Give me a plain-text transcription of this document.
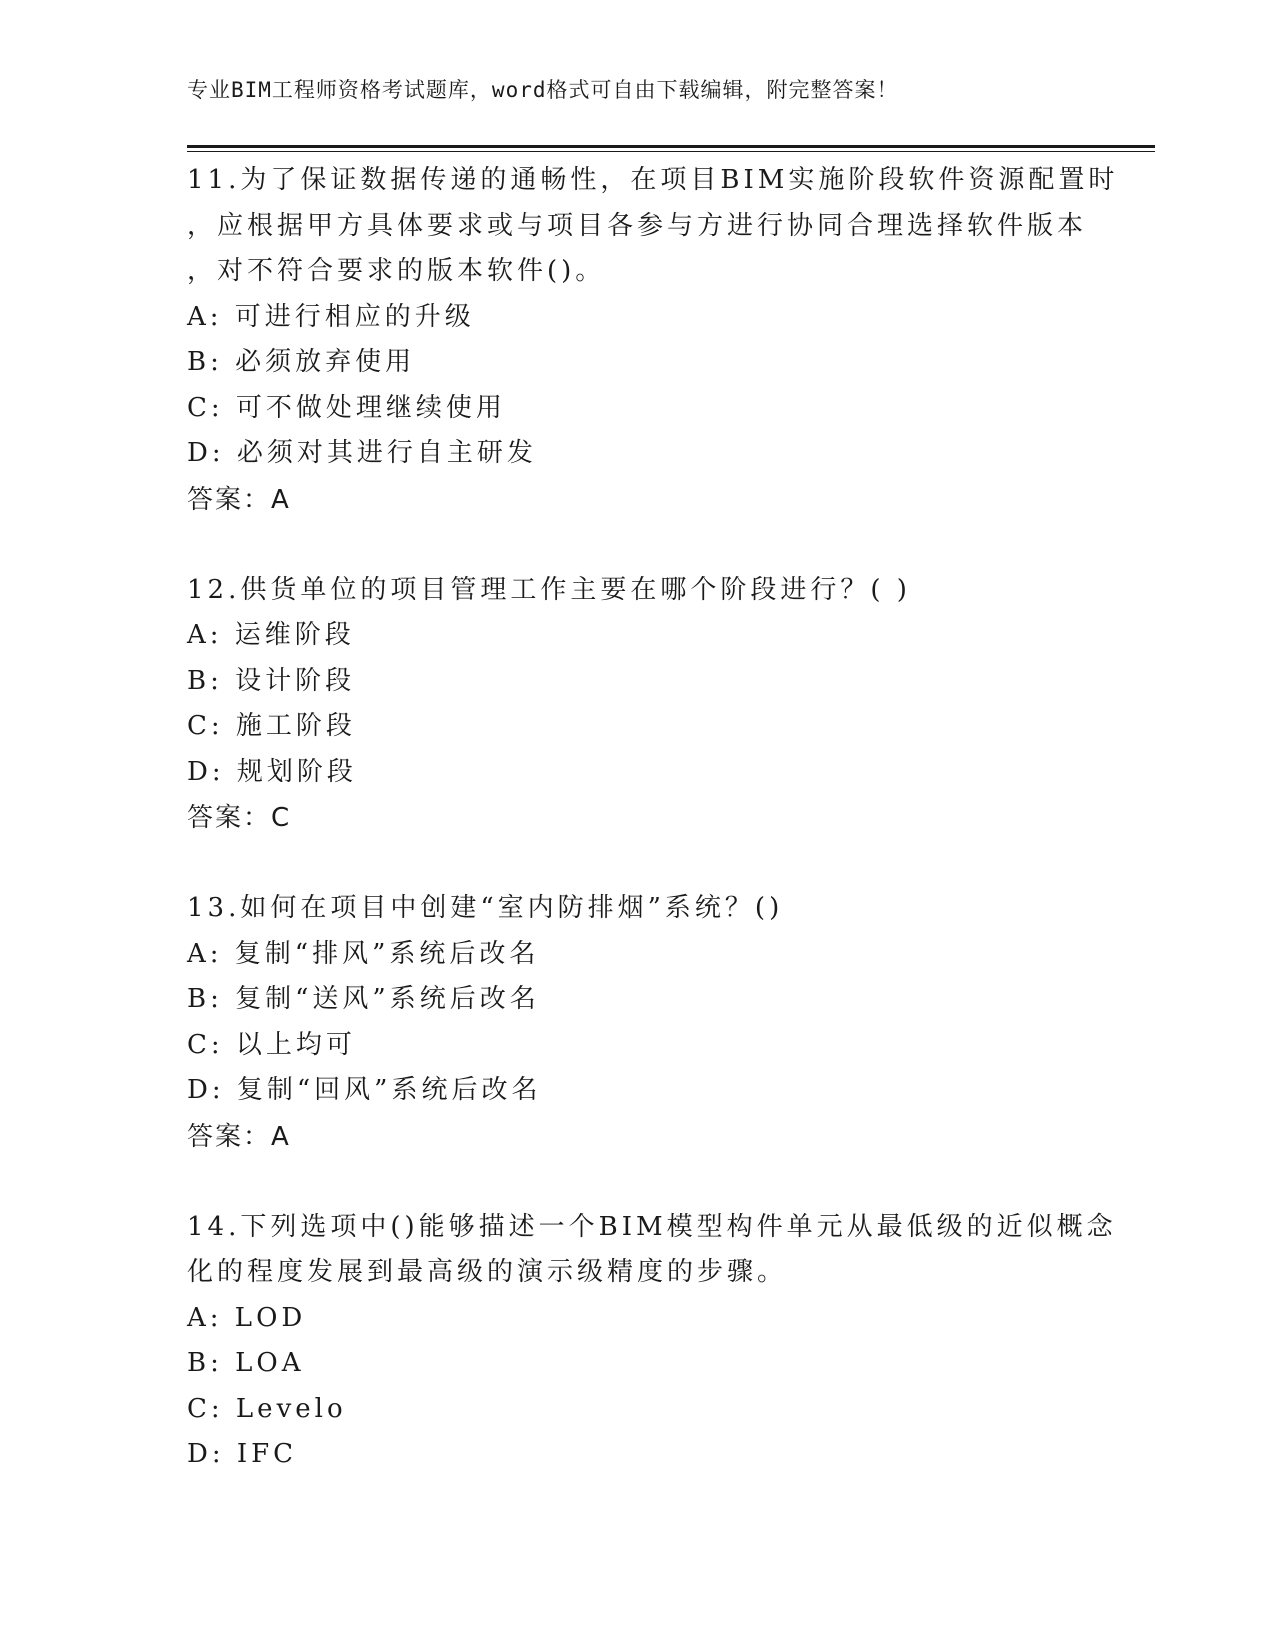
专业BIM工程师资格考试题库，word格式可自由下载编辑，附完整答案！
11.为了保证数据传递的通畅性，在项目BIM实施阶段软件资源配置时
，应根据甲方具体要求或与项目各参与方进行协同合理选择软件版本
，对不符合要求的版本软件()。
A: 可进行相应的升级
B: 必须放弃使用
C: 可不做处理继续使用
D: 必须对其进行自主研发
答案：A
12.供货单位的项目管理工作主要在哪个阶段进行？( )
A: 运维阶段
B: 设计阶段
C: 施工阶段
D: 规划阶段
答案：C
13.如何在项目中创建“室内防排烟”系统？()
A: 复制“排风”系统后改名
B: 复制“送风”系统后改名
C: 以上均可
D: 复制“回风”系统后改名
答案：A
14.下列选项中()能够描述一个BIM模型构件单元从最低级的近似概念
化的程度发展到最高级的演示级精度的步骤。
A: LOD
B: LOA
C: Levelo
D: IFC
